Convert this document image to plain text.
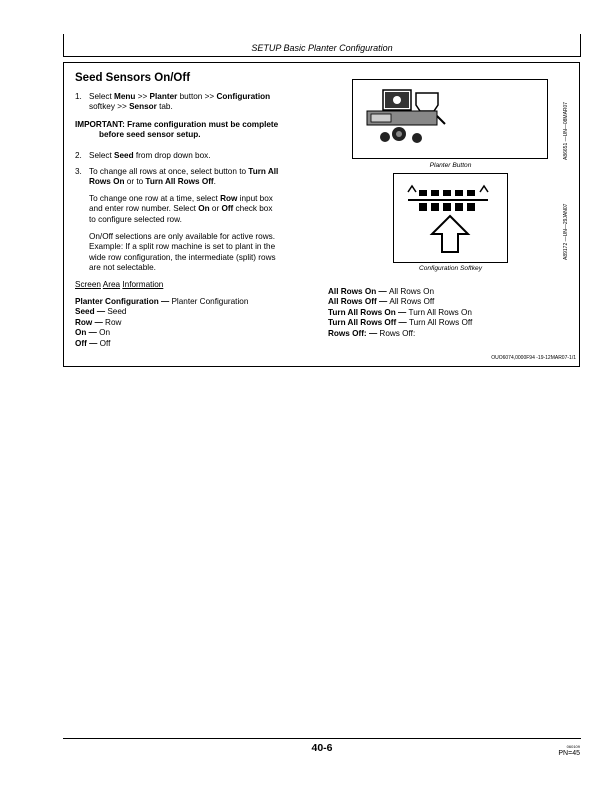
SETUP Basic Planter Configuration
Seed Sensors On/Off
1. Select Menu >> Planter button >> Configuration
softkey >> Sensor tab.
IMPORTANT: Frame configuration must be complete
before seed sensor setup.
2. Select Seed from drop down box.
3. To change all rows at once, select button to Turn All
Rows On or to Turn All Rows Off.
To change one row at a time, select Row input box
and enter row number. Select On or Off check box
to configure selected row.
On/Off selections are only available for active rows.
Example: If a split row machine is set to plant in the
wide row configuration, the intermediate (split) rows
are not selectable.
Screen Area Information
Planter Configuration — Planter Configuration
Seed — Seed
Row — Row
On — On
Off — Off
All Rows On — All Rows On
All Rows Off — All Rows Off
Turn All Rows On — Turn All Rows On
Turn All Rows Off — Turn All Rows Off
Rows Off: — Rows Off:
Planter Button
A86651 —UN—08MAR07
Configuration Softkey
A89172 —UN—29JAN07
OUO6074,0000F94 -19-12MAR07-1/1
40-6	060109
PN=45
